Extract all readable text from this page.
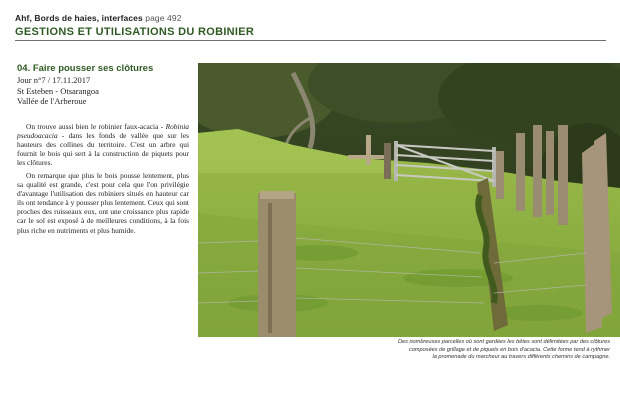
Ahf, Bords de haies, interfaces page 492
GESTIONS ET UTILISATIONS DU ROBINIER
04. Faire pousser ses clôtures
Jour n°7 / 17.11.2017
St Esteben - Otsarangoa
Vallée de l'Arberoue

On trouve aussi bien le robinier faux-acacia - Robinia pseudoacacia - dans les fonds de vallée que sur les hauteurs des collines du territoire. C'est un arbre qui fournit le bois qui sert à la construction de piquets pour les clôtures.

On remarque que plus le bois pousse lentement, plus sa qualité est grande, c'est pour cela que l'on privilégie d'avantage l'utilisation des robiniers situés en hauteur car ils ont tendance à y pousser plus lentement. Ceux qui sont proches des ruisseaux eux, ont une croissance plus rapide car le sol est exposé à de meilleures conditions, à la fois plus riche en nutriments et plus humide.

Des nombreuses parcelles où sont gardées les bêtes sont délimitées par des clôtures
composées de grillage et de piquets en bois d'acacia. Cette forme tend à rythmer
la promenade du marcheur au travers différents chemins de campagne.
